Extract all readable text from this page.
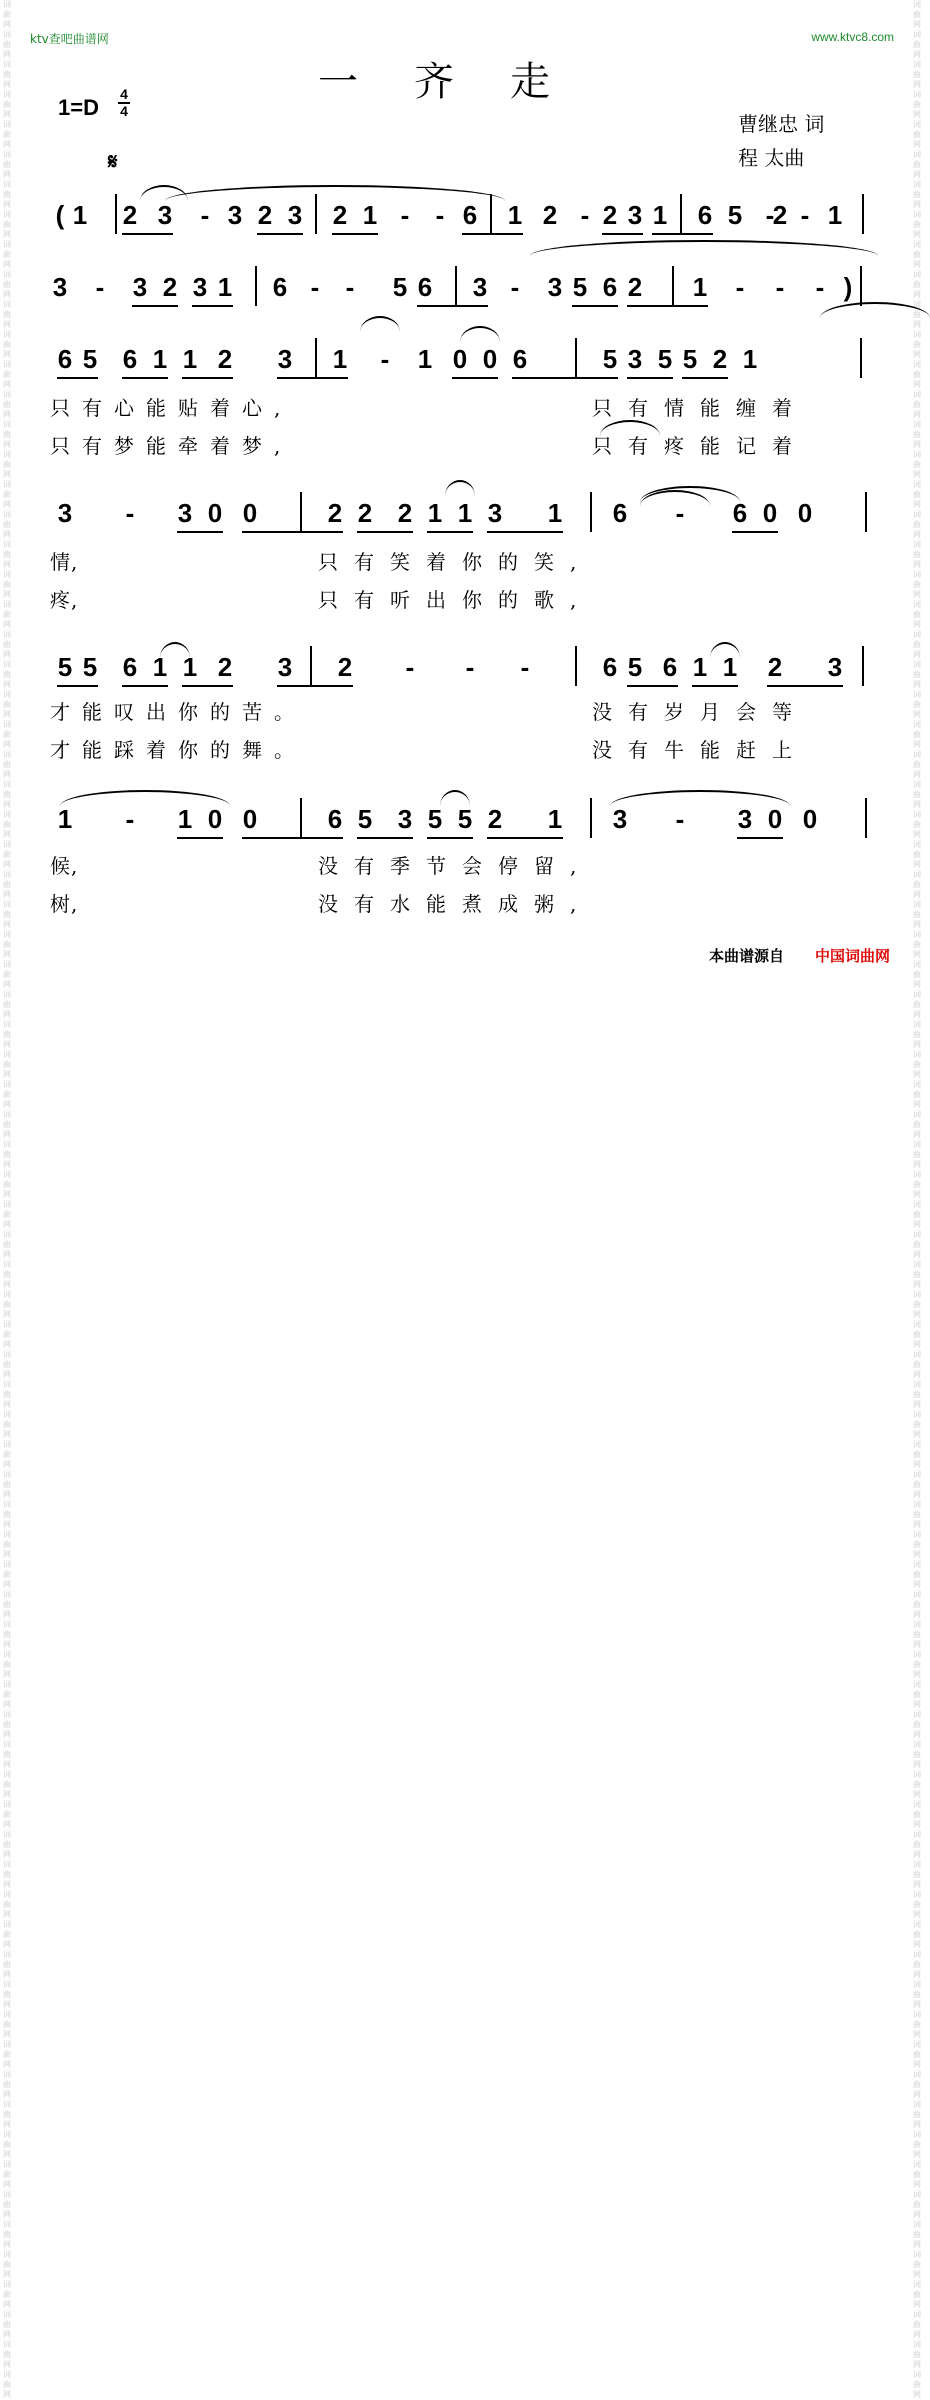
词曲网
词曲网
词曲网
词曲网
词曲网
词曲网
词曲网
词曲网
词曲网
词曲网
词曲网
词曲网
词曲网
词曲网
词曲网
词曲网
词曲网
词曲网
词曲网
词曲网
词曲网
词曲网
词曲网
词曲网
词曲网
词曲网
词曲网
词曲网
词曲网
词曲网
词曲网
词曲网
词曲网
词曲网
词曲网
词曲网
词曲网
词曲网
词曲网
词曲网
词曲网
词曲网
词曲网
词曲网
词曲网
词曲网
词曲网
词曲网
词曲网
词曲网
词曲网
词曲网
词曲网
词曲网
词曲网
词曲网
词曲网
词曲网
词曲网
词曲网
词曲网
词曲网
词曲网
词曲网
词曲网
词曲网
词曲网
词曲网
词曲网
词曲网
词曲网
词曲网
词曲网
词曲网
词曲网
词曲网
词曲网
词曲网
词曲网
词曲网

词曲网
词曲网
词曲网
词曲网
词曲网
词曲网
词曲网
词曲网
词曲网
词曲网
词曲网
词曲网
词曲网
词曲网
词曲网
词曲网
词曲网
词曲网
词曲网
词曲网
词曲网
词曲网
词曲网
词曲网
词曲网
词曲网
词曲网
词曲网
词曲网
词曲网
词曲网
词曲网
词曲网
词曲网
词曲网
词曲网
词曲网
词曲网
词曲网
词曲网
词曲网
词曲网
词曲网
词曲网
词曲网
词曲网
词曲网
词曲网
词曲网
词曲网
词曲网
词曲网
词曲网
词曲网
词曲网
词曲网
词曲网
词曲网
词曲网
词曲网
词曲网
词曲网
词曲网
词曲网
词曲网
词曲网
词曲网
词曲网
词曲网
词曲网
词曲网
词曲网
词曲网
词曲网
词曲网
词曲网
词曲网
词曲网
词曲网
词曲网

ktv查吧曲谱网	www.ktvc8.com
一齐走
1=D
4
4
曹继忠 词
程 太曲
𝄋
( 1 2 3 - 3 2 3 2 1 - - 6 1 2 - 2 3 1 6 5 - - 1
2
3 - 3 2 3 1 6 - - 5 6 3 - 3 5 6 2 1 - - - )
6 5 6 1 1 2 3 1 - 1 0 0 6	5 3 5 5 2 1
3 - 3 0 0	2 2 2 1 1 3 1 6 - 6 0 0
5 5 6 1 1 2 3 2 - - -	6 5 6 1 1 2 3
1 - 1 0 0	6 5 3 5 5 2 1 3 - 3 0 0
只有心能贴着心,
只有梦能牵着梦,
只有情能缠着
只有疼能记着
情,
疼,
只有笑着你的笑,
只有听出你的歌,
才能叹出你的苦。
才能踩着你的舞。
没有岁月会等
没有牛能赶上
候,
树,
没有季节会停留,
没有水能煮成粥,
本曲谱源自 中国词曲网
